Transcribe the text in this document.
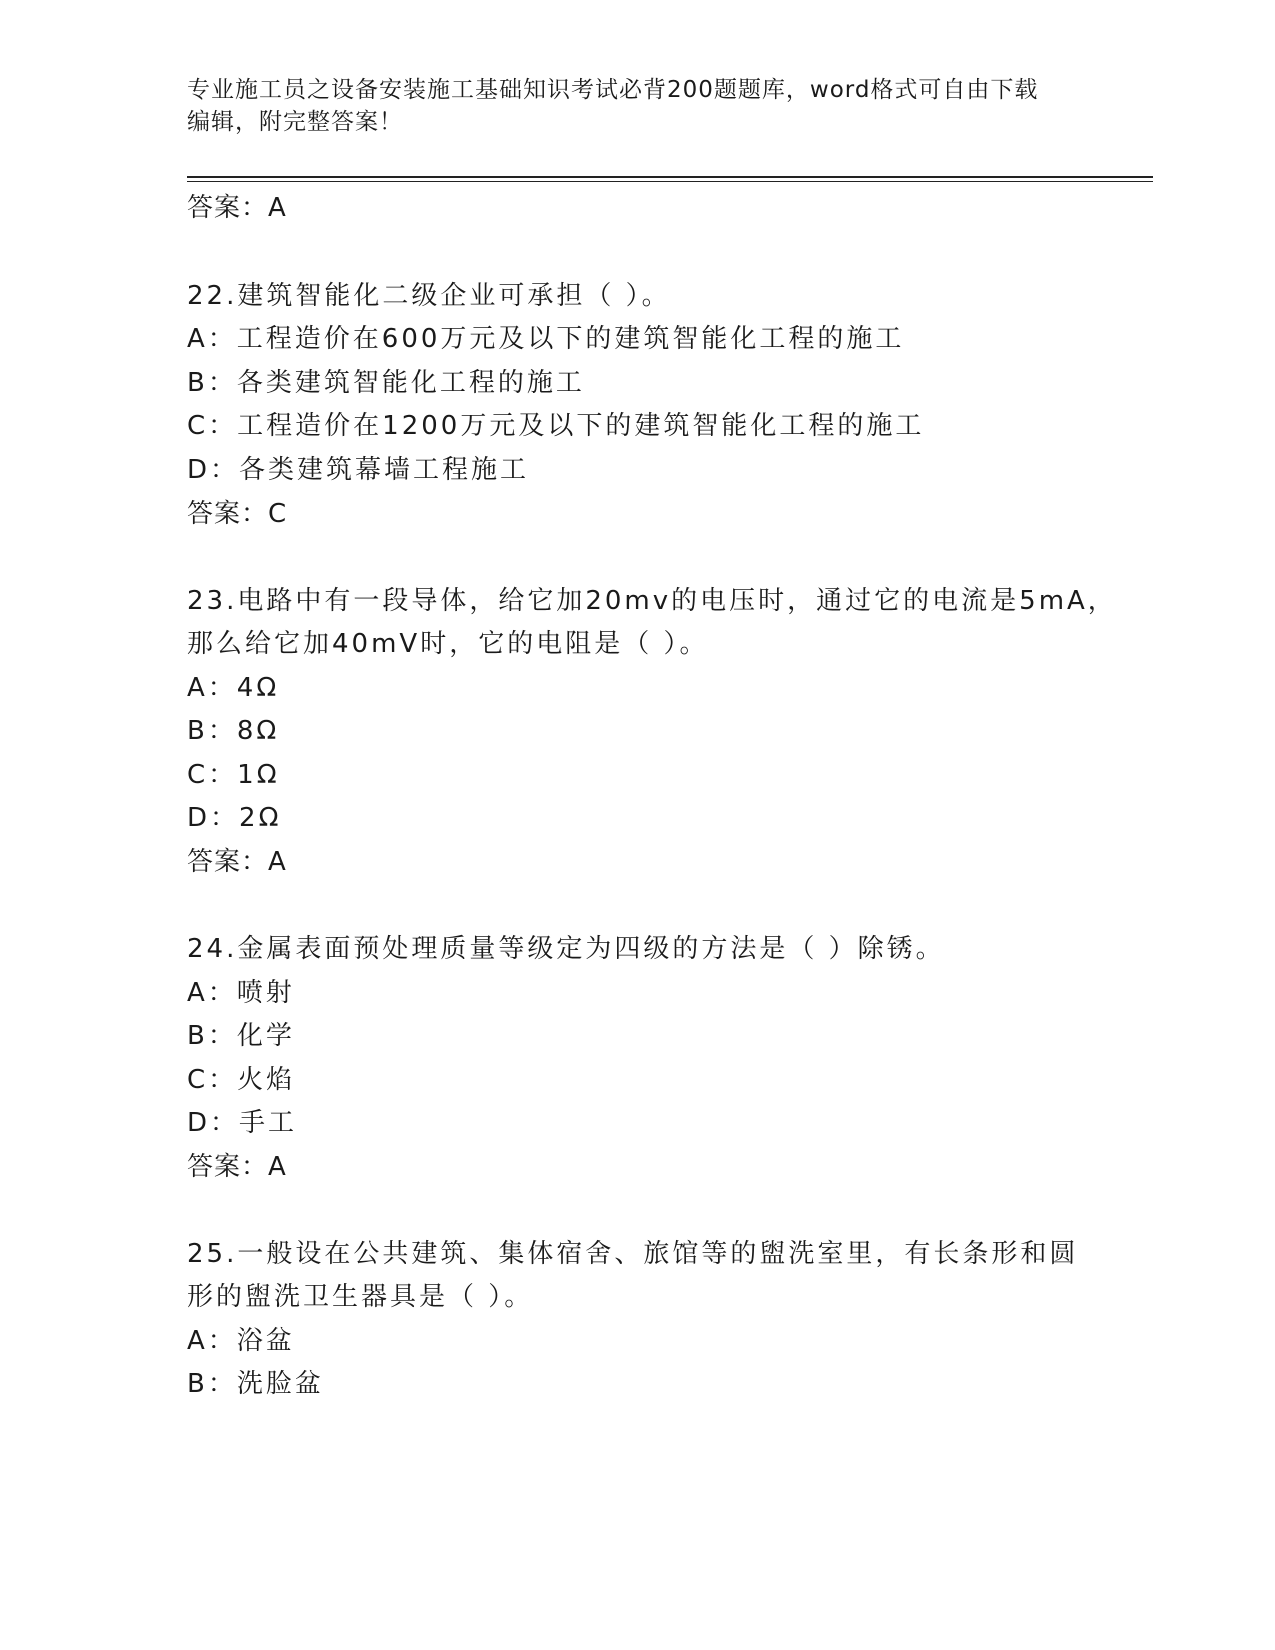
专业施工员之设备安装施工基础知识考试必背200题题库，word格式可自由下载
编辑，附完整答案！
答案：A
22.建筑智能化二级企业可承担（ ）。
A：工程造价在600万元及以下的建筑智能化工程的施工
B：各类建筑智能化工程的施工
C：工程造价在1200万元及以下的建筑智能化工程的施工
D：各类建筑幕墙工程施工
答案：C
23.电路中有一段导体，给它加20mv的电压时，通过它的电流是5mA，
那么给它加40mV时，它的电阻是（ ）。
A：4Ω
B：8Ω
C：1Ω
D：2Ω
答案：A
24.金属表面预处理质量等级定为四级的方法是（ ）除锈。
A：喷射
B：化学
C：火焰
D：手工
答案：A
25.一般设在公共建筑、集体宿舍、旅馆等的盥洗室里，有长条形和圆
形的盥洗卫生器具是（ ）。
A：浴盆
B：洗脸盆
